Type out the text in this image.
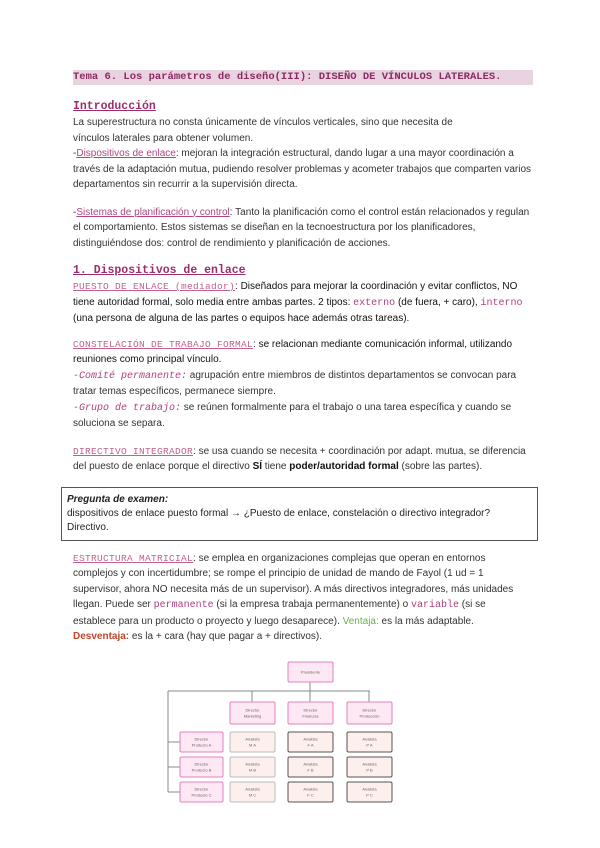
Tema 6. Los parámetros de diseño(III): DISEÑO DE VÍNCULOS LATERALES.
Introducción
La superestructura no consta únicamente de vínculos verticales, sino que necesita de vínculos laterales para obtener volumen.
-Dispositivos de enlace: mejoran la integración estructural, dando lugar a una mayor coordinación a través de la adaptación mutua, pudiendo resolver problemas y acometer trabajos que comparten varios departamentos sin recurrir a la supervisión directa.
-Sistemas de planificación y control: Tanto la planificación como el control están relacionados y regulan el comportamiento. Estos sistemas se diseñan en la tecnoestructura por los planificadores, distinguiéndose dos: control de rendimiento y planificación de acciones.
1. Dispositivos de enlace
PUESTO DE ENLACE (mediador): Diseñados para mejorar la coordinación y evitar conflictos, NO tiene autoridad formal, solo media entre ambas partes. 2 tipos: externo (de fuera, + caro), interno (una persona de alguna de las partes o equipos hace además otras tareas).
CONSTELACIÓN DE TRABAJO FORMAL: se relacionan mediante comunicación informal, utilizando reuniones como principal vínculo.
-Comité permanente: agrupación entre miembros de distintos departamentos se convocan para tratar temas específicos, permanece siempre.
-Grupo de trabajo: se reúnen formalmente para el trabajo o una tarea específica y cuando se soluciona se separa.
DIRECTIVO INTEGRADOR: se usa cuando se necesita + coordinación por adapt. mutua, se diferencia del puesto de enlace porque el directivo SÍ tiene poder/autoridad formal (sobre las partes).
Pregunta de examen:
dispositivos de enlace puesto formal → ¿Puesto de enlace, constelación o directivo integrador? Directivo.
ESTRUCTURA MATRICIAL: se emplea en organizaciones complejas que operan en entornos complejos y con incertidumbre; se rompe el principio de unidad de mando de Fayol (1 ud = 1 supervisor, ahora NO necesita más de un supervisor). A más directivos integradores, más unidades llegan. Puede ser permanente (si la empresa trabaja permanentemente) o variable (si se establece para un producto o proyecto y luego desaparece). Ventaja: es la más adaptable.
Desventaja: es la + cara (hay que pagar a + directivos).
Presidente
Director
Marketing
Director
Finanzas
Director
Producción
Director
Producto A
Analista
M A
Analista
F A
Analista
P A
Director
Producto B
Analista
M B
Analista
F B
Analista
P B
Director
Producto C
Analista
M C
Analista
F C
Analista
P C
